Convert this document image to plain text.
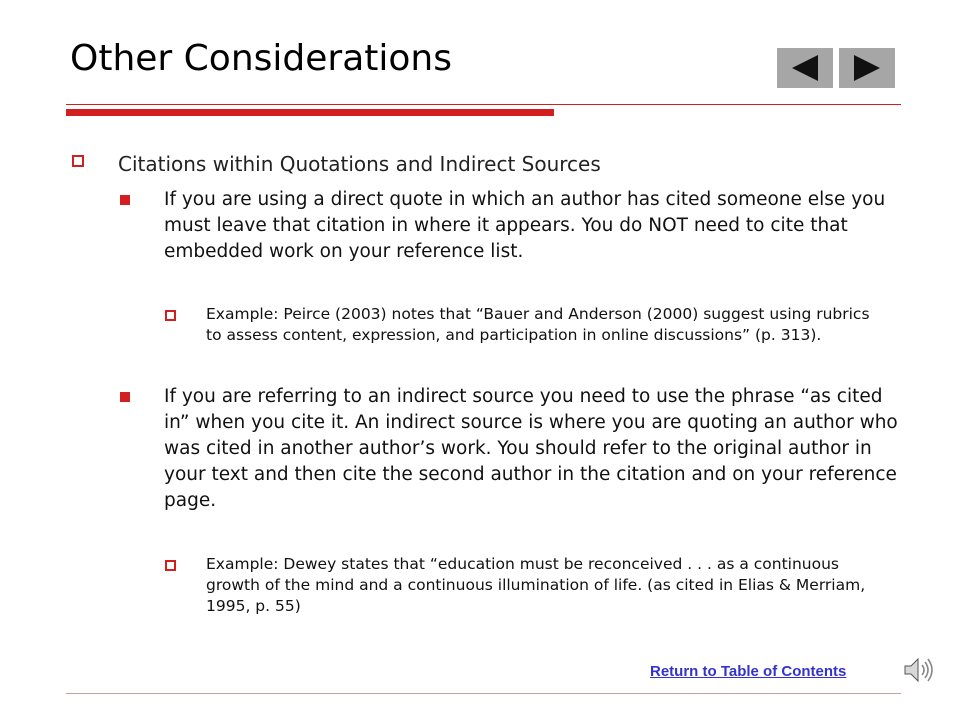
Other Considerations
Citations within Quotations and Indirect Sources
If you are using a direct quote in which an author has cited someone else you must leave that citation in where it appears. You do NOT need to cite that embedded work on your reference list.
Example: Peirce (2003) notes that “Bauer and Anderson (2000) suggest using rubrics to assess content, expression, and participation in online discussions” (p. 313).
If you are referring to an indirect source you need to use the phrase “as cited in” when you cite it. An indirect source is where you are quoting an author who was cited in another author’s work. You should refer to the original author in your text and then cite the second author in the citation and on your reference page.
Example: Dewey states that “education must be reconceived . . . as a continuous growth of the mind and a continuous illumination of life. (as cited in Elias & Merriam, 1995, p. 55)
Return to Table of Contents
